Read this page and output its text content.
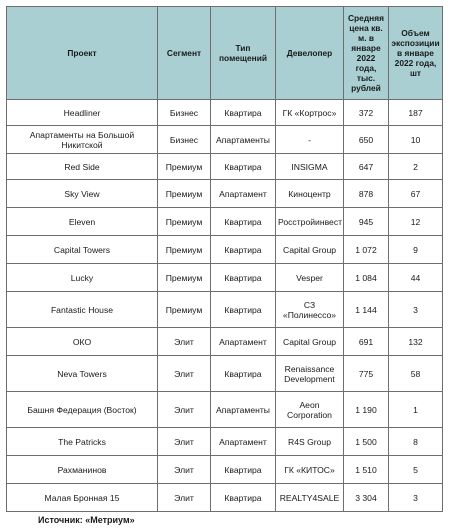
Проект	Сегмент	Тип помещений	Девелопер	Средняя цена кв. м. в январе 2022 года, тыс. рублей	Объем экспозиции в январе 2022 года, шт
Headliner	Бизнес	Квартира	ГК «Кортрос»	372	187
Апартаменты на Большой Никитской	Бизнес	Апартаменты	-	650	10
Red Side	Премиум	Квартира	INSIGMA	647	2
Sky View	Премиум	Апартамент	Киноцентр	878	67
Eleven	Премиум	Квартира	Росстройинвест	945	12
Capital Towers	Премиум	Квартира	Capital Group	1 072	9
Lucky	Премиум	Квартира	Vesper	1 084	44
Fantastic House	Премиум	Квартира	СЗ «Полинессо»	1 144	3
ОКО	Элит	Апартамент	Capital Group	691	132
Neva Towers	Элит	Квартира	Renaissance Development	775	58
Башня Федерация (Восток)	Элит	Апартаменты	Aeon Corporation	1 190	1
The Patricks	Элит	Апартамент	R4S Group	1 500	8
Рахманинов	Элит	Квартира	ГК «КИТОС»	1 510	5
Малая Бронная 15	Элит	Квартира	REALTY4SALE	3 304	3
Источник: «Метриум»
